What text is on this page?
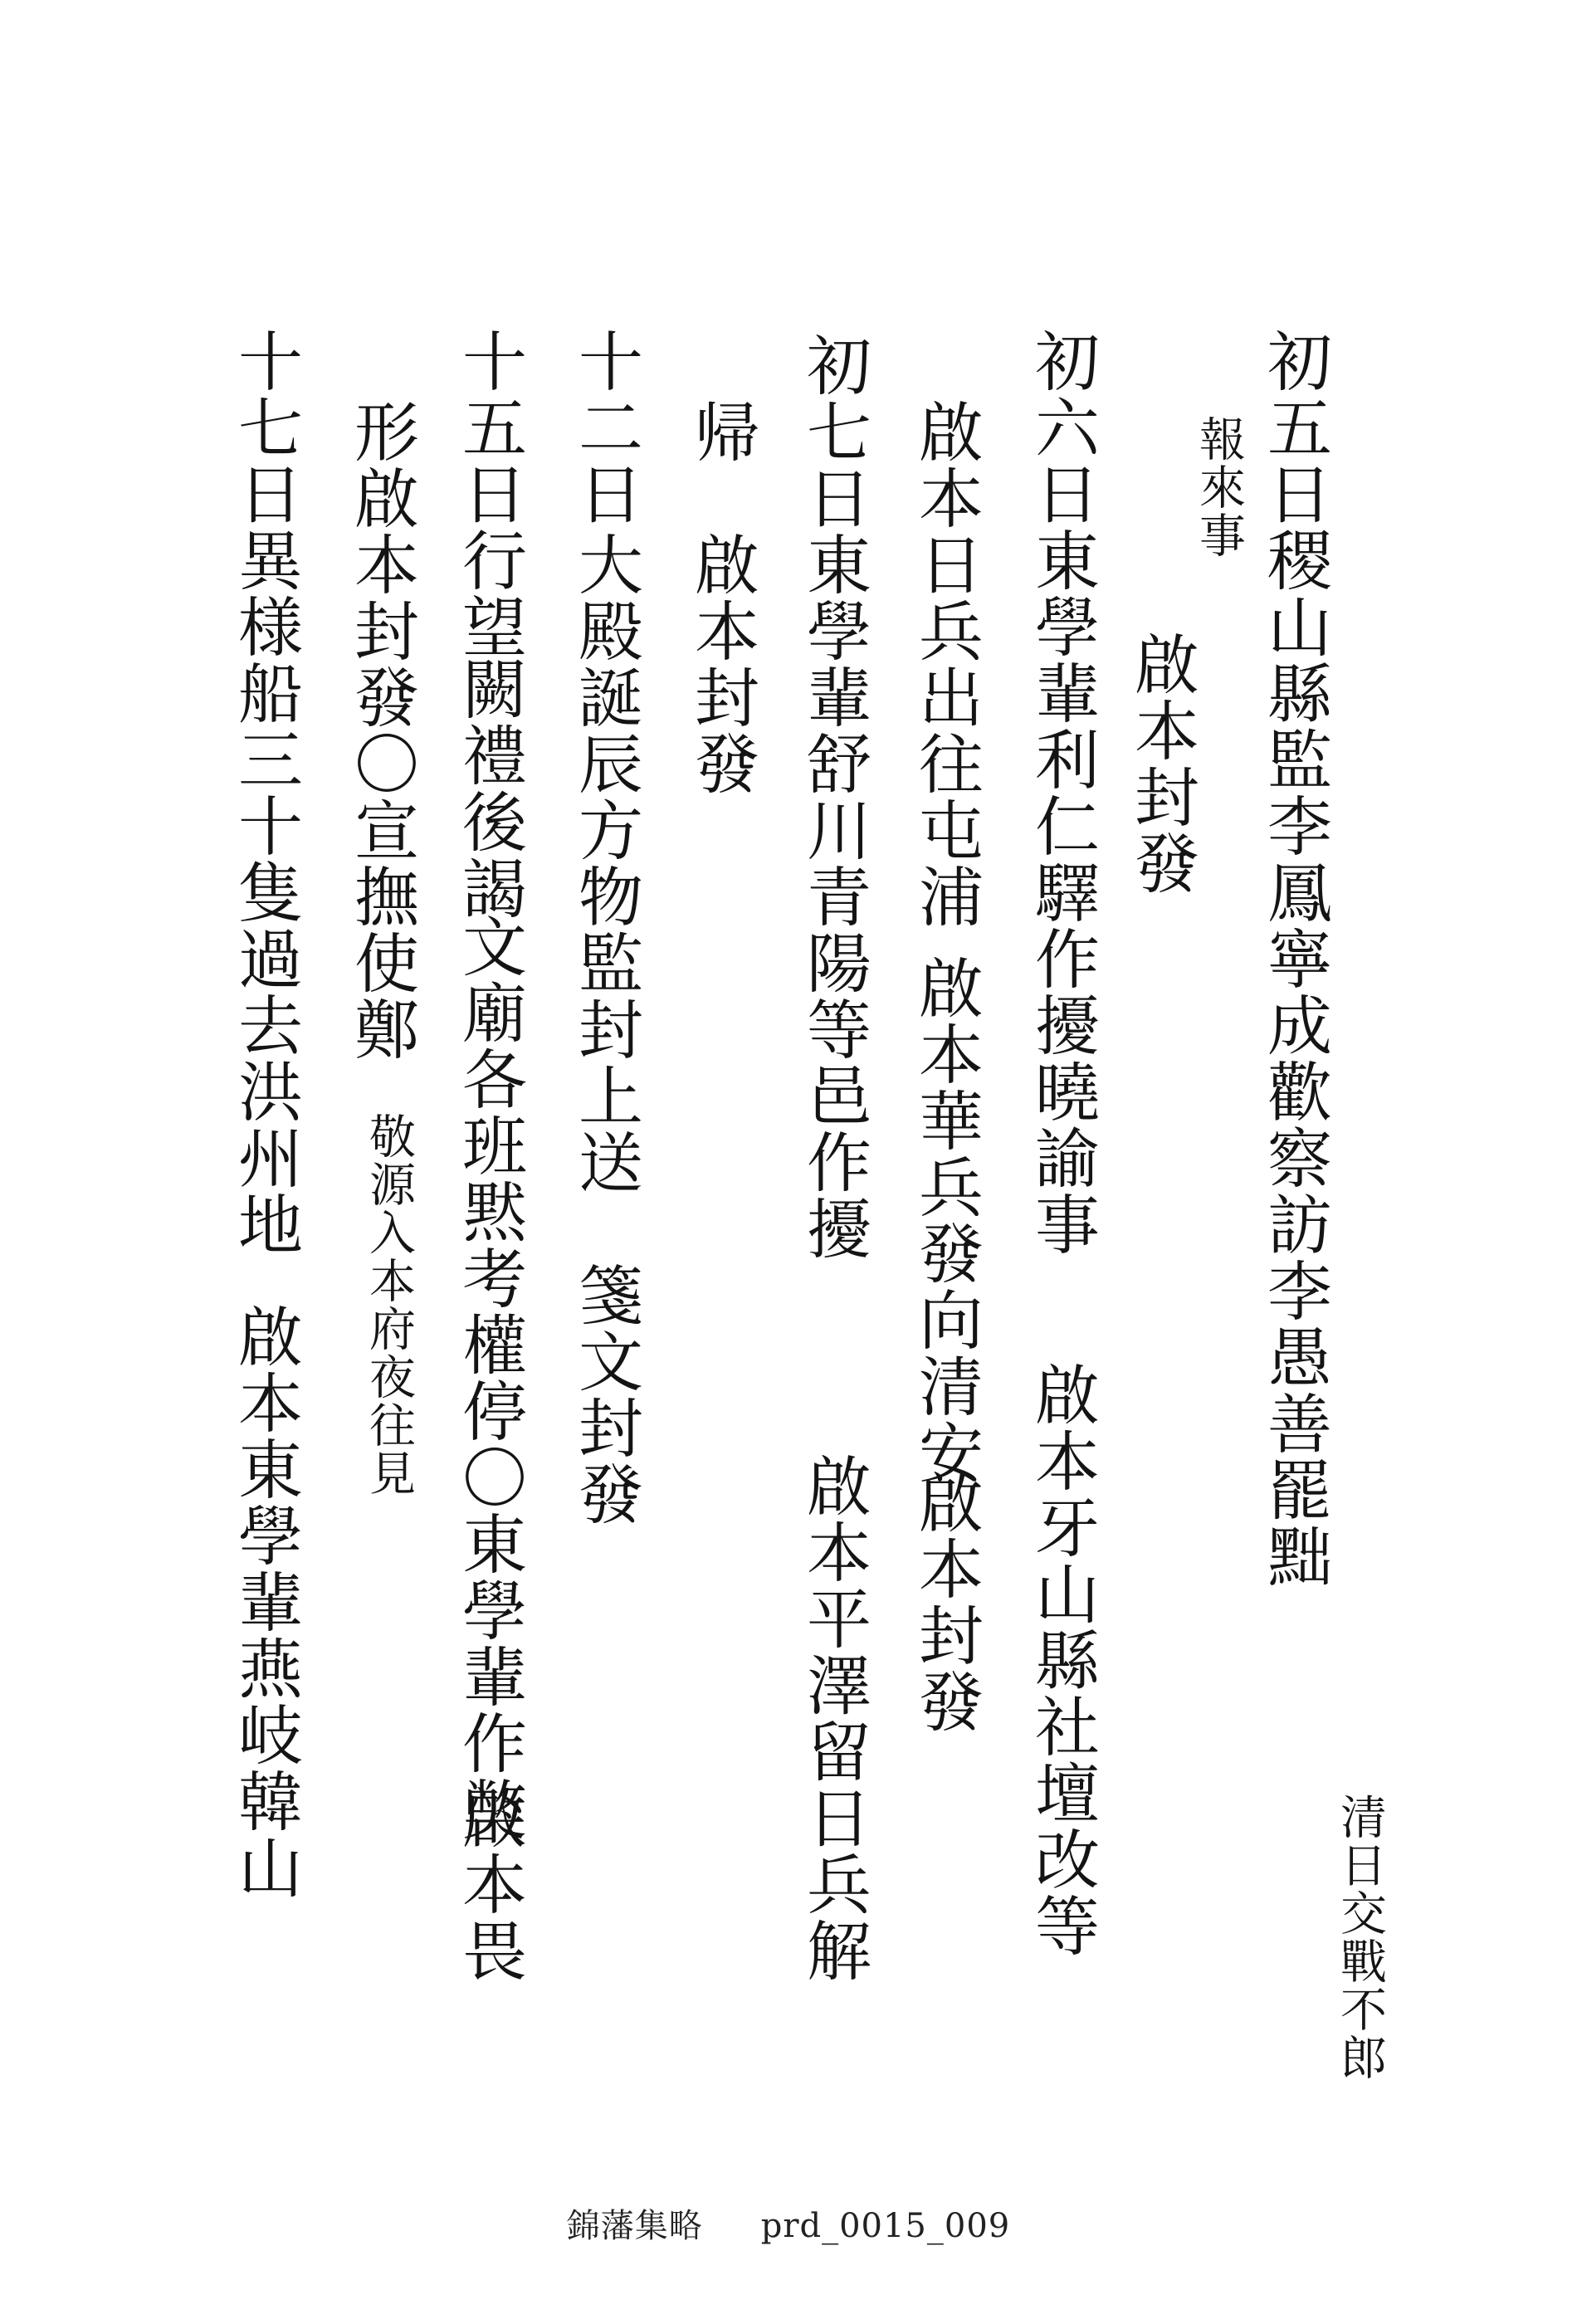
初五日稷山縣監李鳳寧成歡察訪李愚善罷黜
清日交戰不郎
報來事
啟本封發
初六日東學輩利仁驛作擾曉諭事
啟本牙山縣社壇改等
啟本日兵出往屯浦
啟本華兵發向清安
啟本封發
初七日東學輩舒川青陽等邑作擾
啟本平澤留日兵解
帰
啟本封發
十二日
大殿誕辰方物監封上送
箋文封發
十五日行望
闕禮後謁
文廟各班黙考權停〇東學輩作獘
啟本畏
形啟本封發〇宣撫使鄭
敬源入本府夜往見
十七日異様船三十隻過去洪州地
啟本東學輩燕岐韓山
錦藩集略 prd_0015_009
